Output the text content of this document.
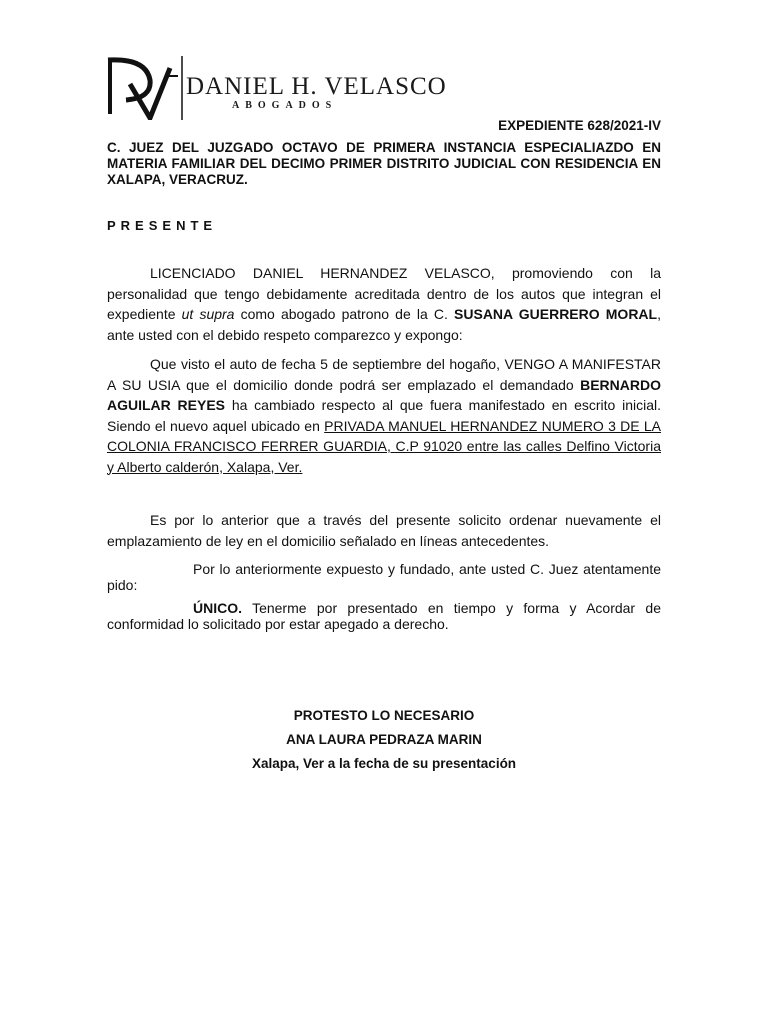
DANIEL H. VELASCO
ABOGADOS
EXPEDIENTE 628/2021-IV
C. JUEZ DEL JUZGADO OCTAVO DE PRIMERA INSTANCIA ESPECIALIAZDO EN MATERIA FAMILIAR DEL DECIMO PRIMER DISTRITO JUDICIAL CON RESIDENCIA EN XALAPA, VERACRUZ.
PRESENTE

LICENCIADO DANIEL HERNANDEZ VELASCO, promoviendo con la personalidad que tengo debidamente acreditada dentro de los autos que integran el expediente ut supra como abogado patrono de la C. SUSANA GUERRERO MORAL, ante usted con el debido respeto comparezco y expongo:

Que visto el auto de fecha 5 de septiembre del hogaño, VENGO A MANIFESTAR A SU USIA que el domicilio donde podrá ser emplazado el demandado BERNARDO AGUILAR REYES ha cambiado respecto al que fuera manifestado en escrito inicial. Siendo el nuevo aquel ubicado en PRIVADA MANUEL HERNANDEZ NUMERO 3 DE LA COLONIA FRANCISCO FERRER GUARDIA, C.P 91020 entre las calles Delfino Victoria y Alberto calderón, Xalapa, Ver.

Es por lo anterior que a través del presente solicito ordenar nuevamente el emplazamiento de ley en el domicilio señalado en líneas antecedentes.

Por lo anteriormente expuesto y fundado, ante usted C. Juez atentamente pido:

ÚNICO. Tenerme por presentado en tiempo y forma y Acordar de conformidad lo solicitado por estar apegado a derecho.

PROTESTO LO NECESARIO
ANA LAURA PEDRAZA MARIN
Xalapa, Ver a la fecha de su presentación
